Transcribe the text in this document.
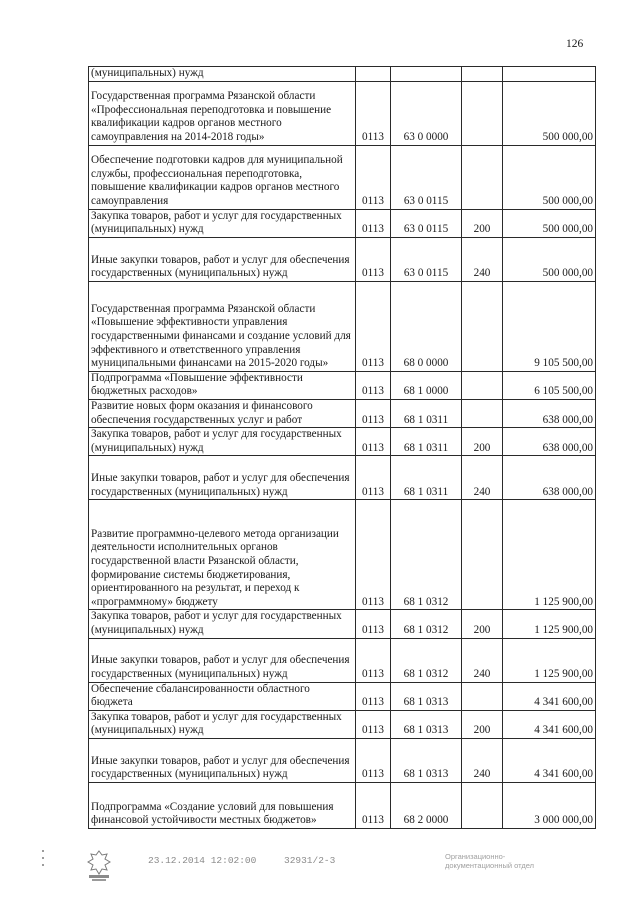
126
(муниципальных) нужд				
Государственная программа Рязанской области «Профессиональная переподготовка и повышение квалификации кадров органов местного самоуправления на 2014-2018 годы»	0113	63 0 0000		500 000,00
Обеспечение подготовки кадров для муниципальной службы, профессиональная переподготовка, повышение квалификации кадров органов местного самоуправления	0113	63 0 0115		500 000,00
Закупка товаров, работ и услуг для государственных (муниципальных) нужд	0113	63 0 0115	200	500 000,00
Иные закупки товаров, работ и услуг для обеспечения государственных (муниципальных) нужд	0113	63 0 0115	240	500 000,00
Государственная программа Рязанской области «Повышение эффективности управления государственными финансами и создание условий для эффективного и ответственного управления муниципальными финансами на 2015-2020 годы»	0113	68 0 0000		9 105 500,00
Подпрограмма «Повышение эффективности бюджетных расходов»	0113	68 1 0000		6 105 500,00
Развитие новых форм оказания и финансового обеспечения государственных услуг и работ	0113	68 1 0311		638 000,00
Закупка товаров, работ и услуг для государственных (муниципальных) нужд	0113	68 1 0311	200	638 000,00
Иные закупки товаров, работ и услуг для обеспечения государственных (муниципальных) нужд	0113	68 1 0311	240	638 000,00
Развитие программно-целевого метода организации деятельности исполнительных органов государственной власти Рязанской области, формирование системы бюджетирования, ориентированного на результат, и переход к «программному» бюджету	0113	68 1 0312		1 125 900,00
Закупка товаров, работ и услуг для государственных (муниципальных) нужд	0113	68 1 0312	200	1 125 900,00
Иные закупки товаров, работ и услуг для обеспечения государственных (муниципальных) нужд	0113	68 1 0312	240	1 125 900,00
Обеспечение сбалансированности областного бюджета	0113	68 1 0313		4 341 600,00
Закупка товаров, работ и услуг для государственных (муниципальных) нужд	0113	68 1 0313	200	4 341 600,00
Иные закупки товаров, работ и услуг для обеспечения государственных (муниципальных) нужд	0113	68 1 0313	240	4 341 600,00
Подпрограмма «Создание условий для повышения финансовой устойчивости местных бюджетов»	0113	68 2 0000		3 000 000,00
23.12.2014 12:02:00	32931/2-3	Организационно-
документационный отдел
